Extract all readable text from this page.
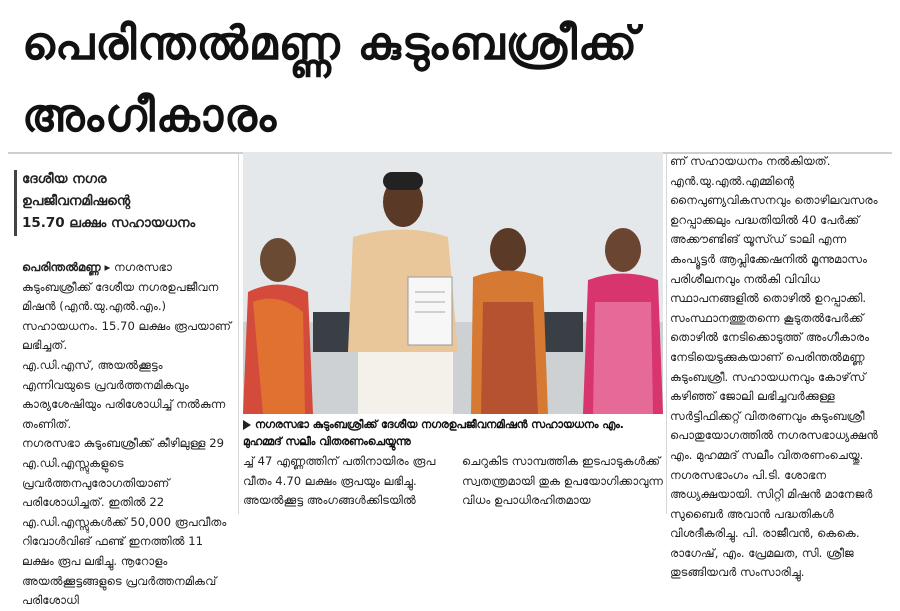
പെരിന്തൽമണ്ണ കുടുംബശ്രീക്ക്
അംഗീകാരം
ദേശീയ നഗര
ഉപജീവനമിഷന്റെ
15.70 ലക്ഷം സഹായധനം
പെരിന്തൽമണ്ണ ▸ നഗരസഭാ കുടുംബശ്രീക്ക് ദേശീയ നഗരഉപജീവന മിഷൻ (എൻ.യു.എൽ.എം.) സഹായധനം. 15.70 ലക്ഷം രൂപയാണ് ലഭിച്ചത്.
എ.ഡി.എസ്, അയൽക്കൂട്ടം എന്നിവയുടെ പ്രവർത്തനമികവും കാര്യശേഷിയും പരിശോധിച്ച് നൽകുന്ന തംണിത്.
നഗരസഭാ കുടുംബശ്രീക്ക് കീഴിലുള്ള 29 എ.ഡി.എസ്സുകളുടെ പ്രവർത്തനപുരോഗതിയാണ് പരിശോധിച്ചത്. ഇതിൽ 22 എ.ഡി.എസ്സുകൾക്ക് 50,000 രൂപവീതം റിവോൾവിങ് ഫണ്ട് ഇനത്തിൽ 11 ലക്ഷം രൂപ ലഭിച്ചു. നൂറോളം അയൽക്കൂട്ടങ്ങളുടെ പ്രവർത്തനമികവ് പരിശോധി
നഗരസഭാ കുടുംബശ്രീക്ക് ദേശീയ നഗരഉപജീവനമിഷൻ സഹായധനം എം. മുഹമ്മദ് സലീം വിതരണംചെയ്യുന്നു
ച്ച് 47 എണ്ണത്തിന് പതിനായിരം രൂപ വീതം 4.70 ലക്ഷം രൂപയും ലഭിച്ചു. അയൽക്കൂട്ട അംഗങ്ങൾക്കിടയിൽ
ചെറുകിട സാമ്പത്തിക ഇടപാടുകൾക്ക് സ്വതന്ത്രമായി തുക ഉപയോഗിക്കാവുന്ന വിധം ഉപാധിരഹിതമായ
ണ് സഹായധനം നൽകിയത്. എൻ.യു.എൽ.എമ്മിന്റെ നൈപുണ്യവികസനവും തൊഴിലവസരം ഉറപ്പാക്കലും പദ്ധതിയിൽ 40 പേർക്ക് അക്കൗണ്ടിങ് യൂസ്ഡ് ടാലി എന്ന കംപ്യൂട്ടർ ആപ്ലിക്കേഷനിൽ മൂന്നുമാസം പരിശീലനവും നൽകി വിവിധ സ്ഥാപനങ്ങളിൽ തൊഴിൽ ഉറപ്പാക്കി. സംസ്ഥാനത്തുതന്നെ കൂടുതൽപേർക്ക് തൊഴിൽ നേടിക്കൊടുത്ത് അംഗീകാരം നേടിയെടുക്കുകയാണ് പെരിന്തൽമണ്ണ കുടുംബശ്രീ. സഹായധനവും കോഴ്‌സ് കഴിഞ്ഞ് ജോലി ലഭിച്ചവർക്കുള്ള സർട്ടിഫിക്കറ്റ് വിതരണവും കുടുംബശ്രീ പൊതുയോഗത്തിൽ നഗരസഭാധ്യക്ഷൻ എം. മുഹമ്മദ് സലീം വിതരണംചെയ്തു. നഗരസഭാംഗം പി.ടി. ശോഭന അധ്യക്ഷയായി. സിറ്റി മിഷൻ മാനേജർ സുബൈർ അവാൻ പദ്ധതികൾ വിശദീകരിച്ചു. പി. രാജീവൻ, കെകെ. രാഗേഷ്, എം. പ്രേമലത, സി. ശ്രീജ തുടങ്ങിയവർ സംസാരിച്ചു.
